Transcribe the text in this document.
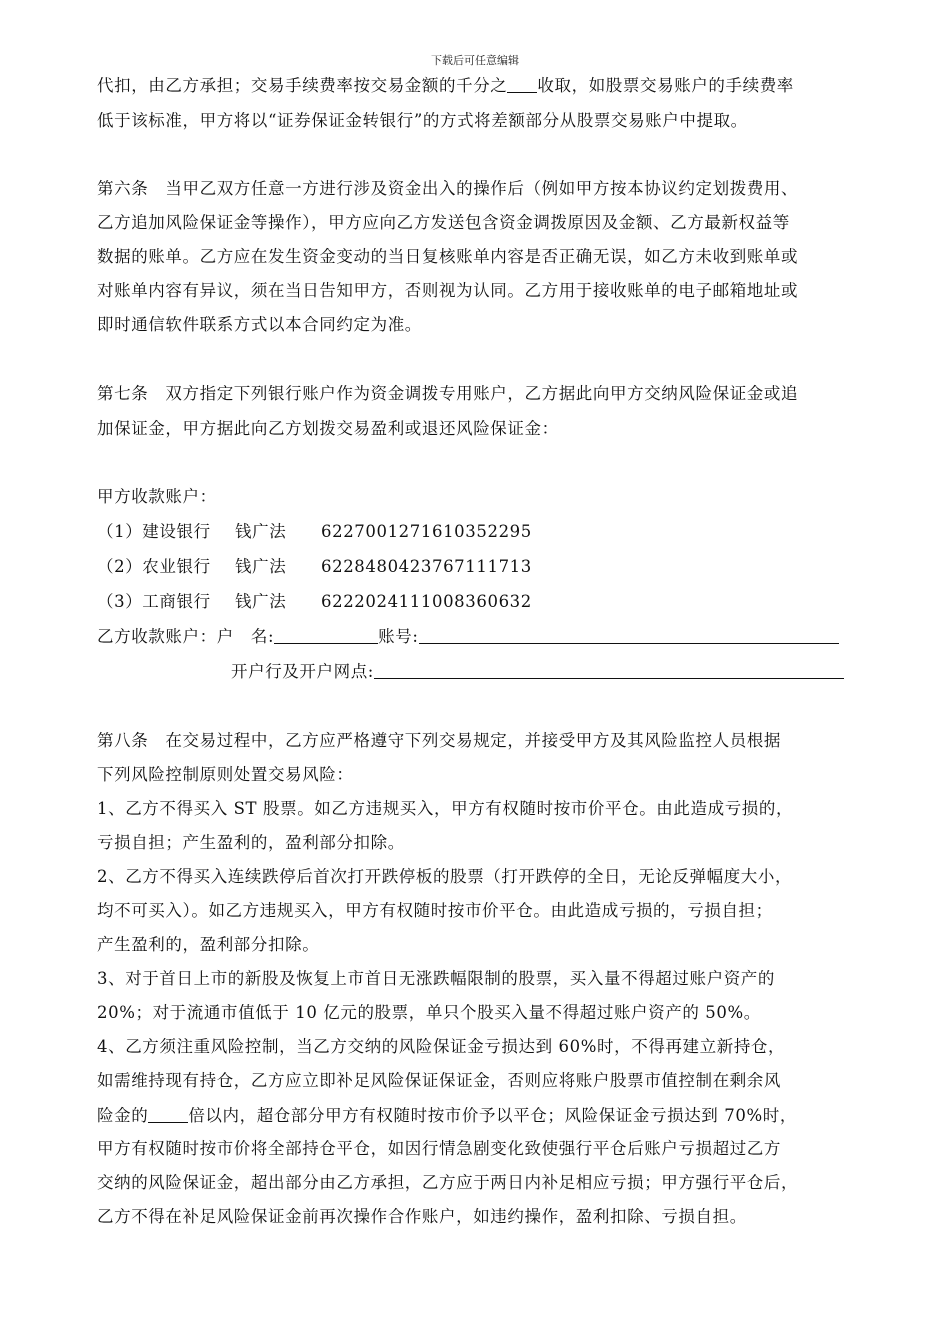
下载后可任意编辑
代扣，由乙方承担；交易手续费率按交易金额的千分之 收取，如股票交易账户的手续费率
低于该标准，甲方将以“证券保证金转银行”的方式将差额部分从股票交易账户中提取。
第六条　当甲乙双方任意一方进行涉及资金出入的操作后（例如甲方按本协议约定划拨费用、
乙方追加风险保证金等操作），甲方应向乙方发送包含资金调拨原因及金额、乙方最新权益等
数据的账单。乙方应在发生资金变动的当日复核账单内容是否正确无误，如乙方未收到账单或
对账单内容有异议，须在当日告知甲方，否则视为认同。乙方用于接收账单的电子邮箱地址或
即时通信软件联系方式以本合同约定为准。
第七条　双方指定下列银行账户作为资金调拨专用账户，乙方据此向甲方交纳风险保证金或追
加保证金，甲方据此向乙方划拨交易盈利或退还风险保证金：
甲方收款账户：
（1）建设银行 钱广法 6227001271610352295
（2）农业银行 钱广法 6228480423767111713
（3）工商银行 钱广法 6222024111008360632
乙方收款账户：户　名:	账号:
开户行及开户网点:
第八条　在交易过程中，乙方应严格遵守下列交易规定，并接受甲方及其风险监控人员根据
下列风险控制原则处置交易风险：
1、乙方不得买入 ST 股票。如乙方违规买入，甲方有权随时按市价平仓。由此造成亏损的，
亏损自担；产生盈利的，盈利部分扣除。
2、乙方不得买入连续跌停后首次打开跌停板的股票（打开跌停的全日，无论反弹幅度大小，
均不可买入）。如乙方违规买入，甲方有权随时按市价平仓。由此造成亏损的，亏损自担；
产生盈利的，盈利部分扣除。
3、对于首日上市的新股及恢复上市首日无涨跌幅限制的股票，买入量不得超过账户资产的
20%；对于流通市值低于 10 亿元的股票，单只个股买入量不得超过账户资产的 50%。
4、乙方须注重风险控制，当乙方交纳的风险保证金亏损达到 60%时，不得再建立新持仓，
如需维持现有持仓，乙方应立即补足风险保证保证金，否则应将账户股票市值控制在剩余风
险金的 倍以内，超仓部分甲方有权随时按市价予以平仓；风险保证金亏损达到 70%时，
甲方有权随时按市价将全部持仓平仓，如因行情急剧变化致使强行平仓后账户亏损超过乙方
交纳的风险保证金，超出部分由乙方承担，乙方应于两日内补足相应亏损；甲方强行平仓后，
乙方不得在补足风险保证金前再次操作合作账户，如违约操作，盈利扣除、亏损自担。
